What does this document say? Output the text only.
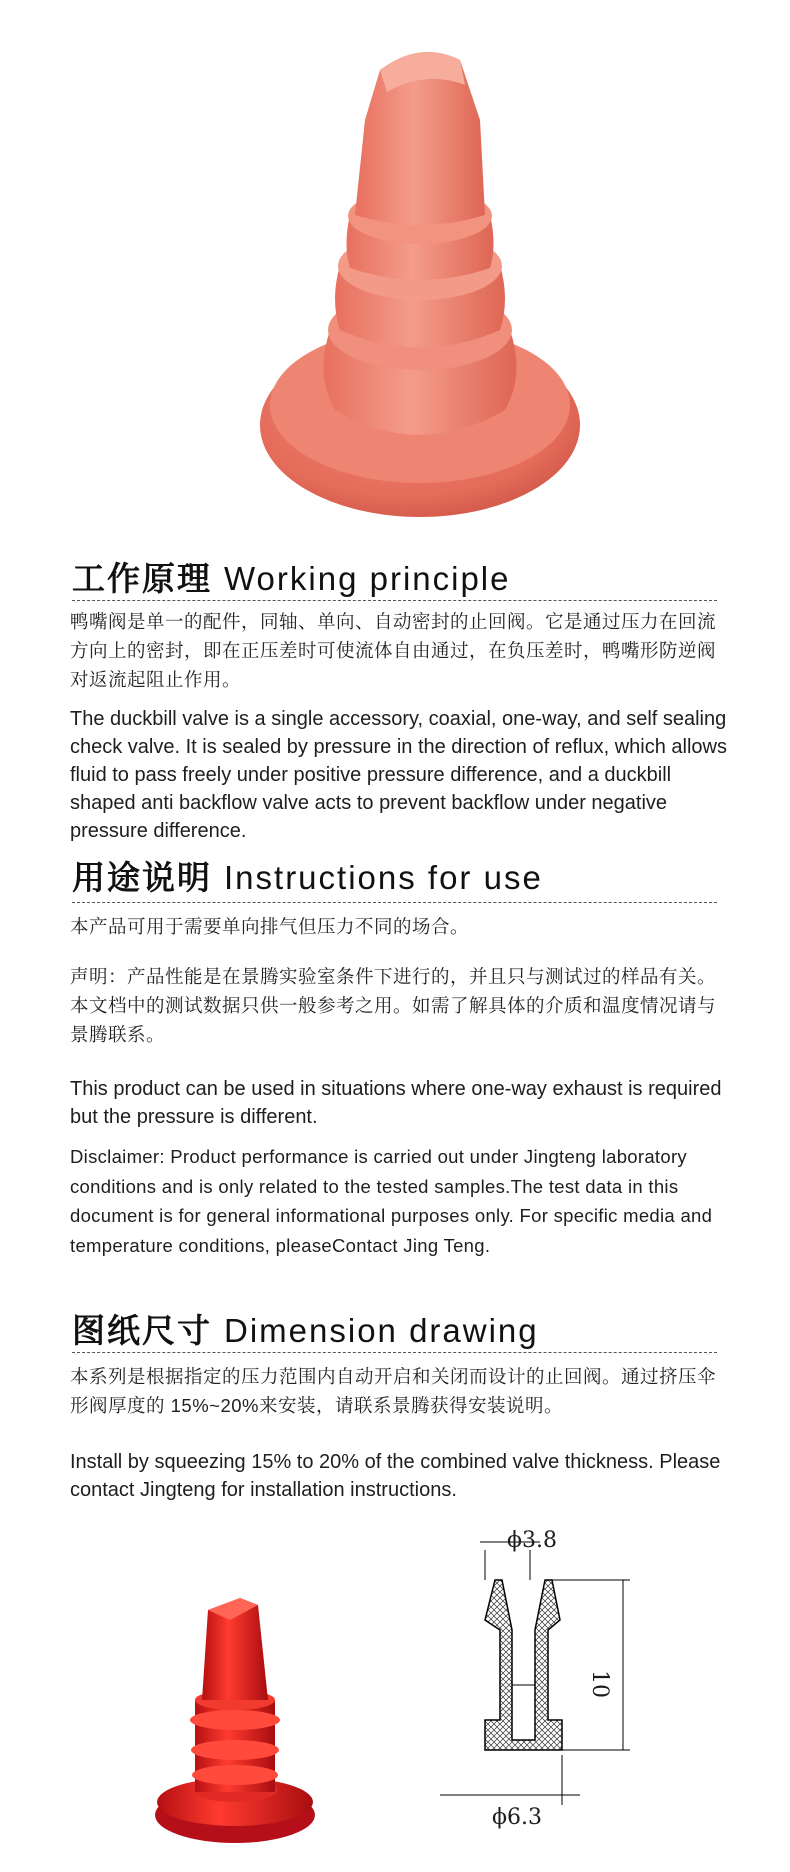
工作原理 Working principle
鸭嘴阀是单一的配件，同轴、单向、自动密封的止回阀。它是通过压力在回流方向上的密封，即在正压差时可使流体自由通过，在负压差时，鸭嘴形防逆阀对返流起阻止作用。
The duckbill valve is a single accessory, coaxial, one-way, and self sealing check valve. It is sealed by pressure in the direction of reflux, which allows fluid to pass freely under positive pressure difference, and a duckbill shaped anti backflow valve acts to prevent backflow under negative pressure difference.
用途说明 Instructions for use
本产品可用于需要单向排气但压力不同的场合。
声明：产品性能是在景腾实验室条件下进行的，并且只与测试过的样品有关。本文档中的测试数据只供一般参考之用。如需了解具体的介质和温度情况请与景腾联系。
This product can be used in situations where one-way exhaust is required but the pressure is different.
Disclaimer: Product performance is carried out under Jingteng laboratory conditions and is only related to the tested samples.The test data in this document is for general informational purposes only. For specific media and temperature conditions, pleaseContact Jing Teng.
图纸尺寸 Dimension drawing
本系列是根据指定的压力范围内自动开启和关闭而设计的止回阀。通过挤压伞形阀厚度的 15%~20%来安装，请联系景腾获得安装说明。
Install by squeezing 15% to 20% of the combined valve thickness. Please contact Jingteng for installation instructions.
ϕ3.8
10
ϕ6.3
